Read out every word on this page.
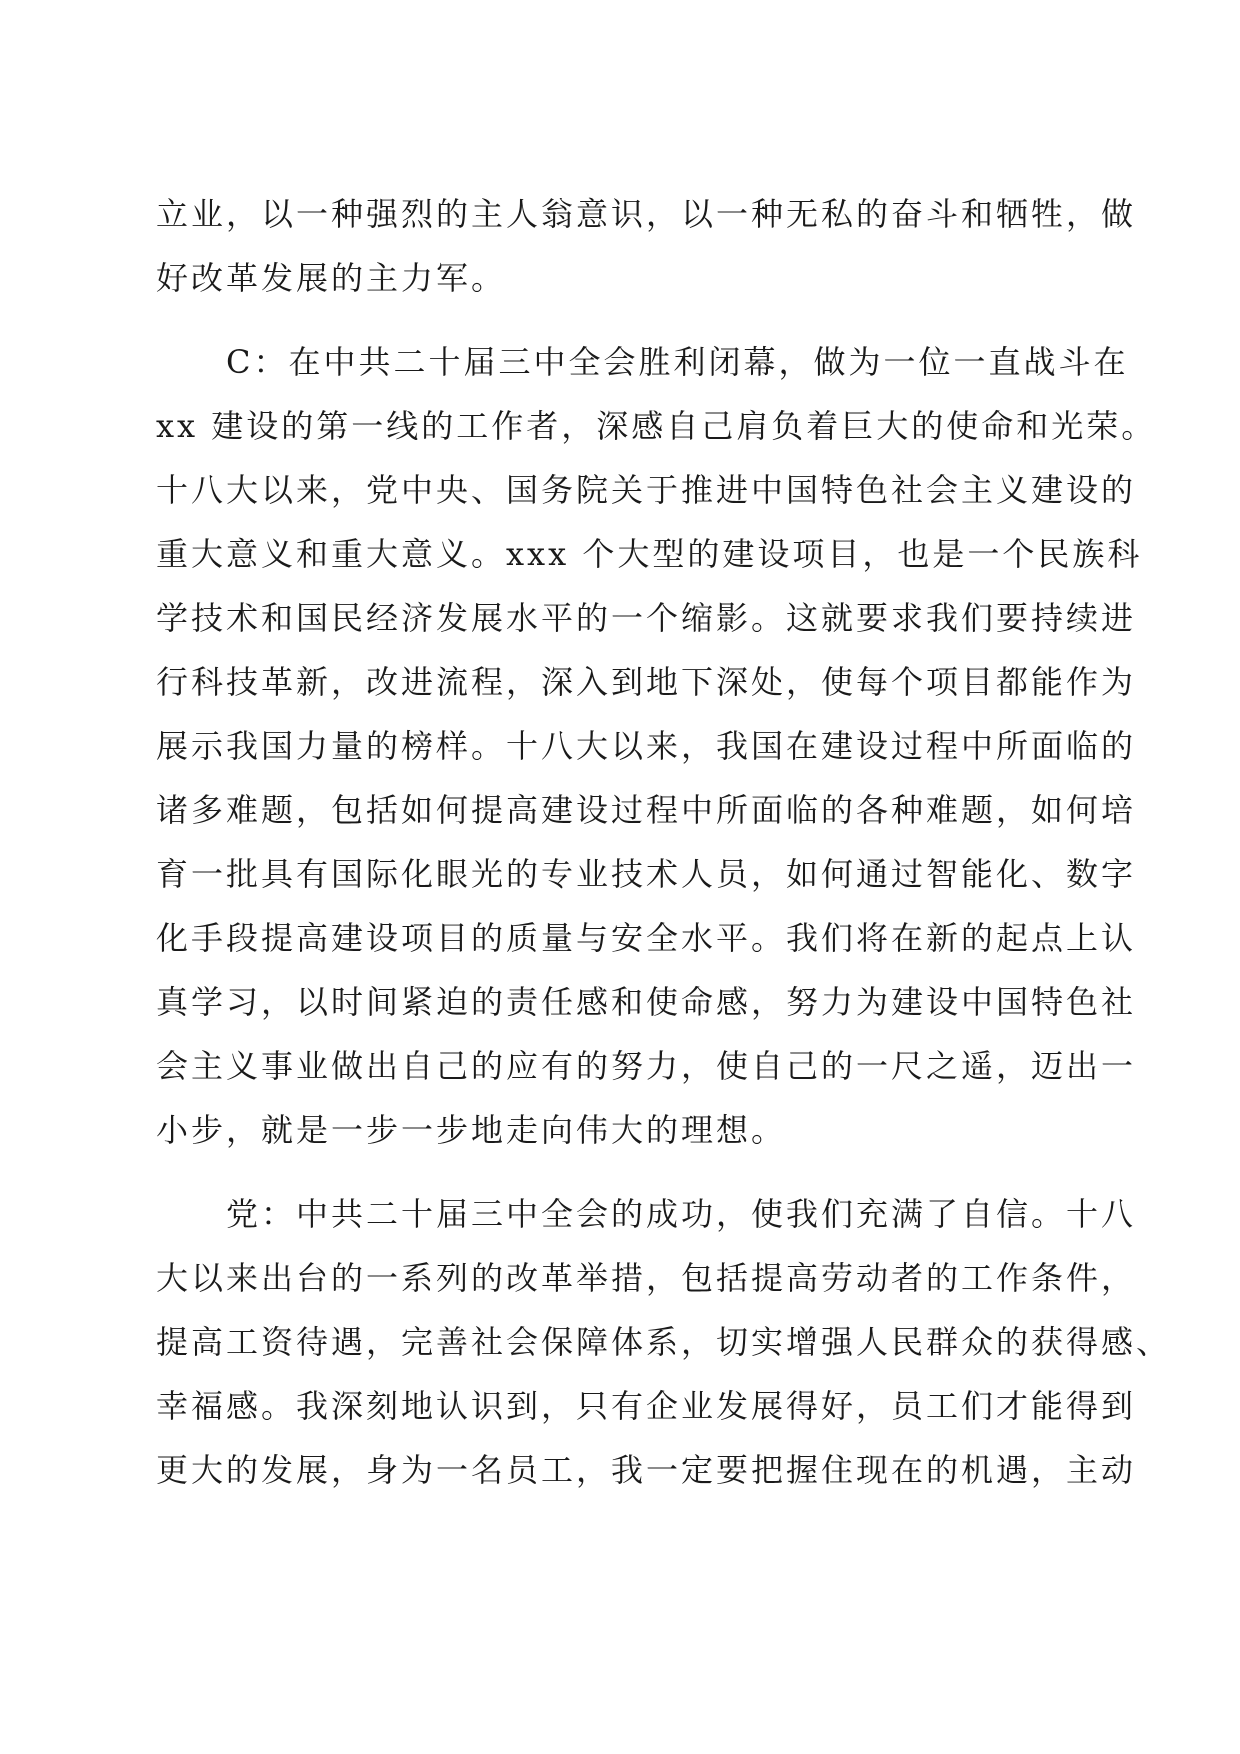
立业，以一种强烈的主人翁意识，以一种无私的奋斗和牺牲，做
好改革发展的主力军。
　　C：在中共二十届三中全会胜利闭幕，做为一位一直战斗在
xx 建设的第一线的工作者，深感自己肩负着巨大的使命和光荣。
十八大以来，党中央、国务院关于推进中国特色社会主义建设的
重大意义和重大意义。xxx 个大型的建设项目，也是一个民族科
学技术和国民经济发展水平的一个缩影。这就要求我们要持续进
行科技革新，改进流程，深入到地下深处，使每个项目都能作为
展示我国力量的榜样。十八大以来，我国在建设过程中所面临的
诸多难题，包括如何提高建设过程中所面临的各种难题，如何培
育一批具有国际化眼光的专业技术人员，如何通过智能化、数字
化手段提高建设项目的质量与安全水平。我们将在新的起点上认
真学习，以时间紧迫的责任感和使命感，努力为建设中国特色社
会主义事业做出自己的应有的努力，使自己的一尺之遥，迈出一
小步，就是一步一步地走向伟大的理想。
　　党：中共二十届三中全会的成功，使我们充满了自信。十八
大以来出台的一系列的改革举措，包括提高劳动者的工作条件，
提高工资待遇，完善社会保障体系，切实增强人民群众的获得感、
幸福感。我深刻地认识到，只有企业发展得好，员工们才能得到
更大的发展，身为一名员工，我一定要把握住现在的机遇，主动
